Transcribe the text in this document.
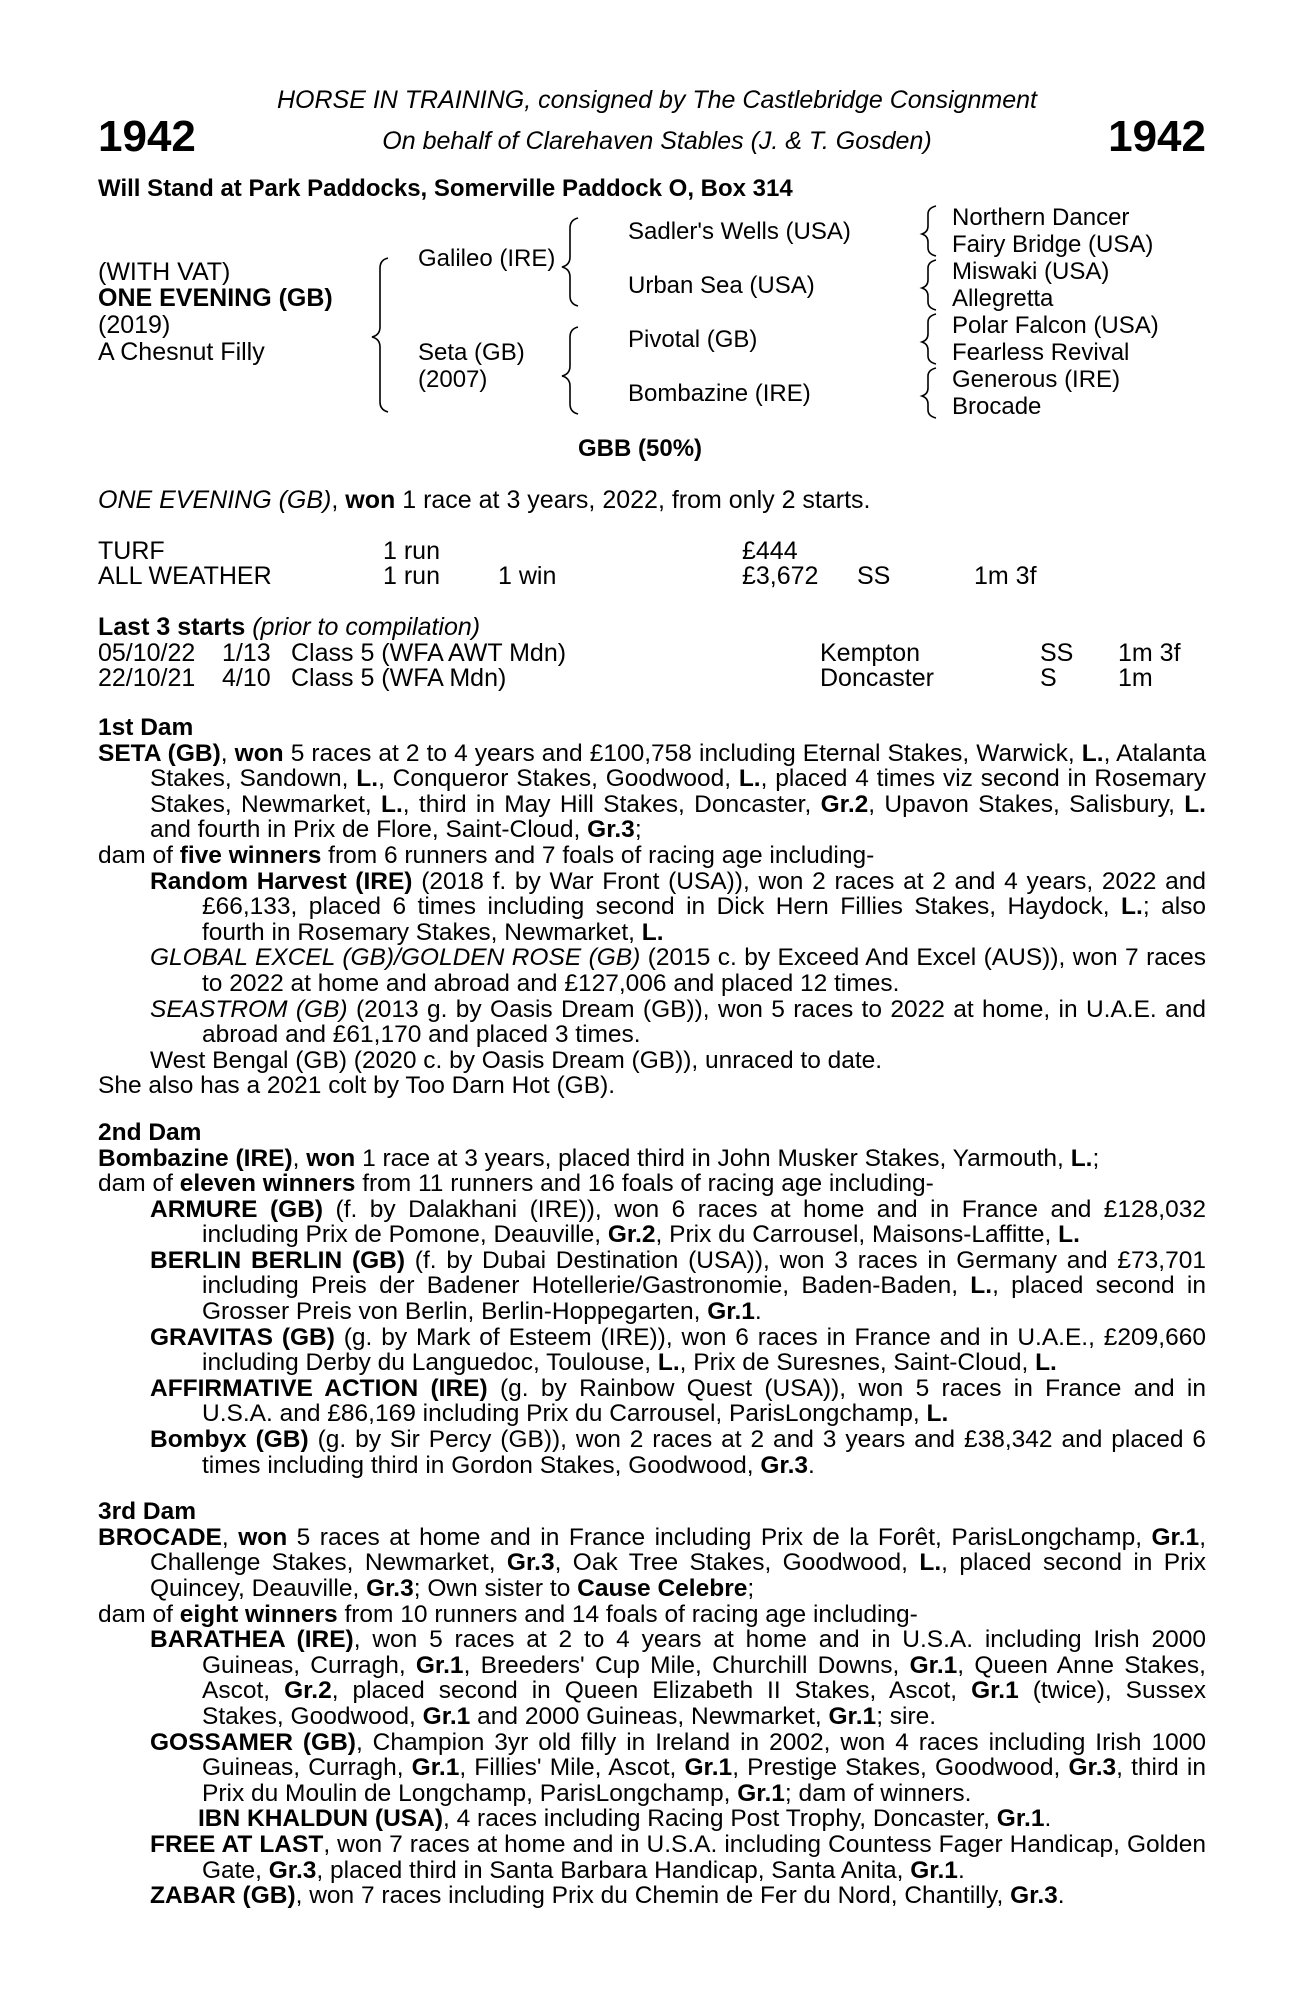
1942	1942
HORSE IN TRAINING, consigned by The Castlebridge Consignment
On behalf of Clarehaven Stables (J. & T. Gosden)
Will Stand at Park Paddocks, Somerville Paddock O, Box 314
(WITH VAT)
ONE EVENING (GB)
(2019)
A Chesnut Filly
Galileo (IRE)
Seta (GB)
(2007)
Sadler's Wells (USA)
Urban Sea (USA)
Pivotal (GB)
Bombazine (IRE)
Northern Dancer
Fairy Bridge (USA)
Miswaki (USA)
Allegretta
Polar Falcon (USA)
Fearless Revival
Generous (IRE)
Brocade
GBB (50%)
ONE EVENING (GB), won 1 race at 3 years, 2022, from only 2 starts.
TURF	1 run	£444
ALL WEATHER	1 run 1 win	£3,672 SS	1m 3f
Last 3 starts (prior to compilation)
05/10/22 1/13 Class 5 (WFA AWT Mdn)	Kempton	SS 1m 3f
22/10/21 4/10 Class 5 (WFA Mdn)	Doncaster	S 1m

1st Dam

SETA (GB), won 5 races at 2 to 4 years and £100,758 including Eternal Stakes, Warwick, L., Atalanta Stakes, Sandown, L., Conqueror Stakes, Goodwood, L., placed 4 times viz second in Rosemary Stakes, Newmarket, L., third in May Hill Stakes, Doncaster, Gr.2, Upavon Stakes, Salisbury, L. and fourth in Prix de Flore, Saint-Cloud, Gr.3;

dam of five winners from 6 runners and 7 foals of racing age including-

Random Harvest (IRE) (2018 f. by War Front (USA)), won 2 races at 2 and 4 years, 2022 and £66,133, placed 6 times including second in Dick Hern Fillies Stakes, Haydock, L.; also fourth in Rosemary Stakes, Newmarket, L.

GLOBAL EXCEL (GB)/GOLDEN ROSE (GB) (2015 c. by Exceed And Excel (AUS)), won 7 races to 2022 at home and abroad and £127,006 and placed 12 times.

SEASTROM (GB) (2013 g. by Oasis Dream (GB)), won 5 races to 2022 at home, in U.A.E. and abroad and £61,170 and placed 3 times.

West Bengal (GB) (2020 c. by Oasis Dream (GB)), unraced to date.

She also has a 2021 colt by Too Darn Hot (GB).

2nd Dam

Bombazine (IRE), won 1 race at 3 years, placed third in John Musker Stakes, Yarmouth, L.;

dam of eleven winners from 11 runners and 16 foals of racing age including-

ARMURE (GB) (f. by Dalakhani (IRE)), won 6 races at home and in France and £128,032 including Prix de Pomone, Deauville, Gr.2, Prix du Carrousel, Maisons-Laffitte, L.

BERLIN BERLIN (GB) (f. by Dubai Destination (USA)), won 3 races in Germany and £73,701 including Preis der Badener Hotellerie/Gastronomie, Baden-Baden, L., placed second in Grosser Preis von Berlin, Berlin-Hoppegarten, Gr.1.

GRAVITAS (GB) (g. by Mark of Esteem (IRE)), won 6 races in France and in U.A.E., £209,660 including Derby du Languedoc, Toulouse, L., Prix de Suresnes, Saint-Cloud, L.

AFFIRMATIVE ACTION (IRE) (g. by Rainbow Quest (USA)), won 5 races in France and in U.S.A. and £86,169 including Prix du Carrousel, ParisLongchamp, L.

Bombyx (GB) (g. by Sir Percy (GB)), won 2 races at 2 and 3 years and £38,342 and placed 6 times including third in Gordon Stakes, Goodwood, Gr.3.

3rd Dam

BROCADE, won 5 races at home and in France including Prix de la Forêt, ParisLongchamp, Gr.1, Challenge Stakes, Newmarket, Gr.3, Oak Tree Stakes, Goodwood, L., placed second in Prix Quincey, Deauville, Gr.3; Own sister to Cause Celebre;

dam of eight winners from 10 runners and 14 foals of racing age including-

BARATHEA (IRE), won 5 races at 2 to 4 years at home and in U.S.A. including Irish 2000 Guineas, Curragh, Gr.1, Breeders' Cup Mile, Churchill Downs, Gr.1, Queen Anne Stakes, Ascot, Gr.2, placed second in Queen Elizabeth II Stakes, Ascot, Gr.1 (twice), Sussex Stakes, Goodwood, Gr.1 and 2000 Guineas, Newmarket, Gr.1; sire.

GOSSAMER (GB), Champion 3yr old filly in Ireland in 2002, won 4 races including Irish 1000 Guineas, Curragh, Gr.1, Fillies' Mile, Ascot, Gr.1, Prestige Stakes, Goodwood, Gr.3, third in Prix du Moulin de Longchamp, ParisLongchamp, Gr.1; dam of winners.

IBN KHALDUN (USA), 4 races including Racing Post Trophy, Doncaster, Gr.1.

FREE AT LAST, won 7 races at home and in U.S.A. including Countess Fager Handicap, Golden Gate, Gr.3, placed third in Santa Barbara Handicap, Santa Anita, Gr.1.

ZABAR (GB), won 7 races including Prix du Chemin de Fer du Nord, Chantilly, Gr.3.
